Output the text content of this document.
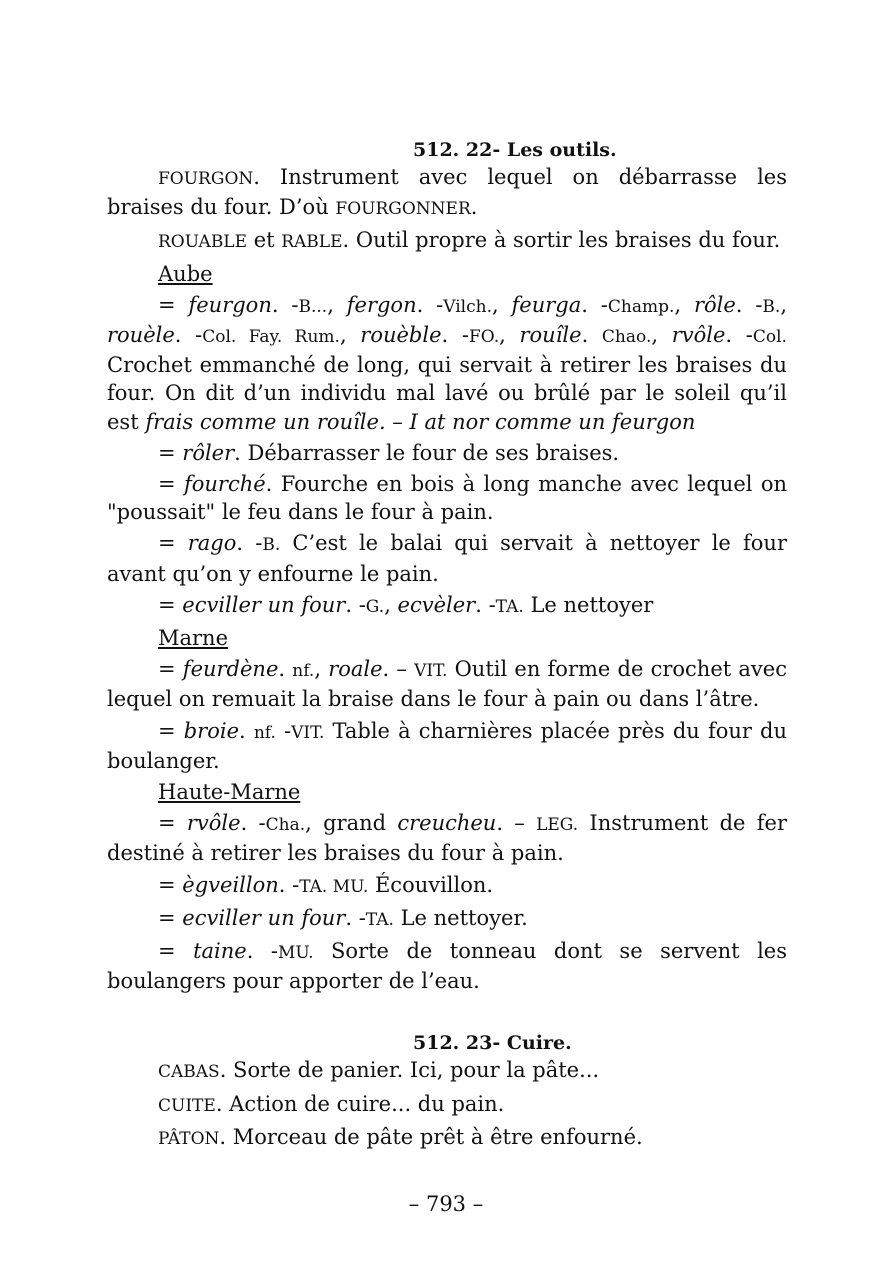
512. 22- Les outils.

FOURGON. Instrument avec lequel on débarrasse les braises du four. D’où FOURGONNER.

ROUABLE et RABLE. Outil propre à sortir les braises du four.

Aube

= feurgon. -B..., fergon. -Vilch., feurga. -Champ., rôle. -B., rouèle. -Col. Fay. Rum., rouèble. -FO., rouîle. Chao., rvôle. -Col. Crochet emmanché de long, qui servait à retirer les braises du four. On dit d’un individu mal lavé ou brûlé par le soleil qu’il est frais comme un rouîle. – I at nor comme un feurgon

= rôler. Débarrasser le four de ses braises.

= fourché. Fourche en bois à long manche avec lequel on "poussait" le feu dans le four à pain.

= rago. -B. C’est le balai qui servait à nettoyer le four avant qu’on y enfourne le pain.

= ecviller un four. -G., ecvèler. -TA. Le nettoyer

Marne

= feurdène. nf., roale. – VIT. Outil en forme de crochet avec lequel on remuait la braise dans le four à pain ou dans l’âtre.

= broie. nf. -VIT. Table à charnières placée près du four du boulanger.

Haute-Marne

= rvôle. -Cha., grand creucheu. – LEG. Instrument de fer destiné à retirer les braises du four à pain.

= ègveillon. -TA. MU. Écouvillon.

= ecviller un four. -TA. Le nettoyer.

= taine. -MU. Sorte de tonneau dont se servent les boulangers pour apporter de l’eau.

512. 23- Cuire.

CABAS. Sorte de panier. Ici, pour la pâte...

CUITE. Action de cuire... du pain.

PÂTON. Morceau de pâte prêt à être enfourné.

– 793 –
